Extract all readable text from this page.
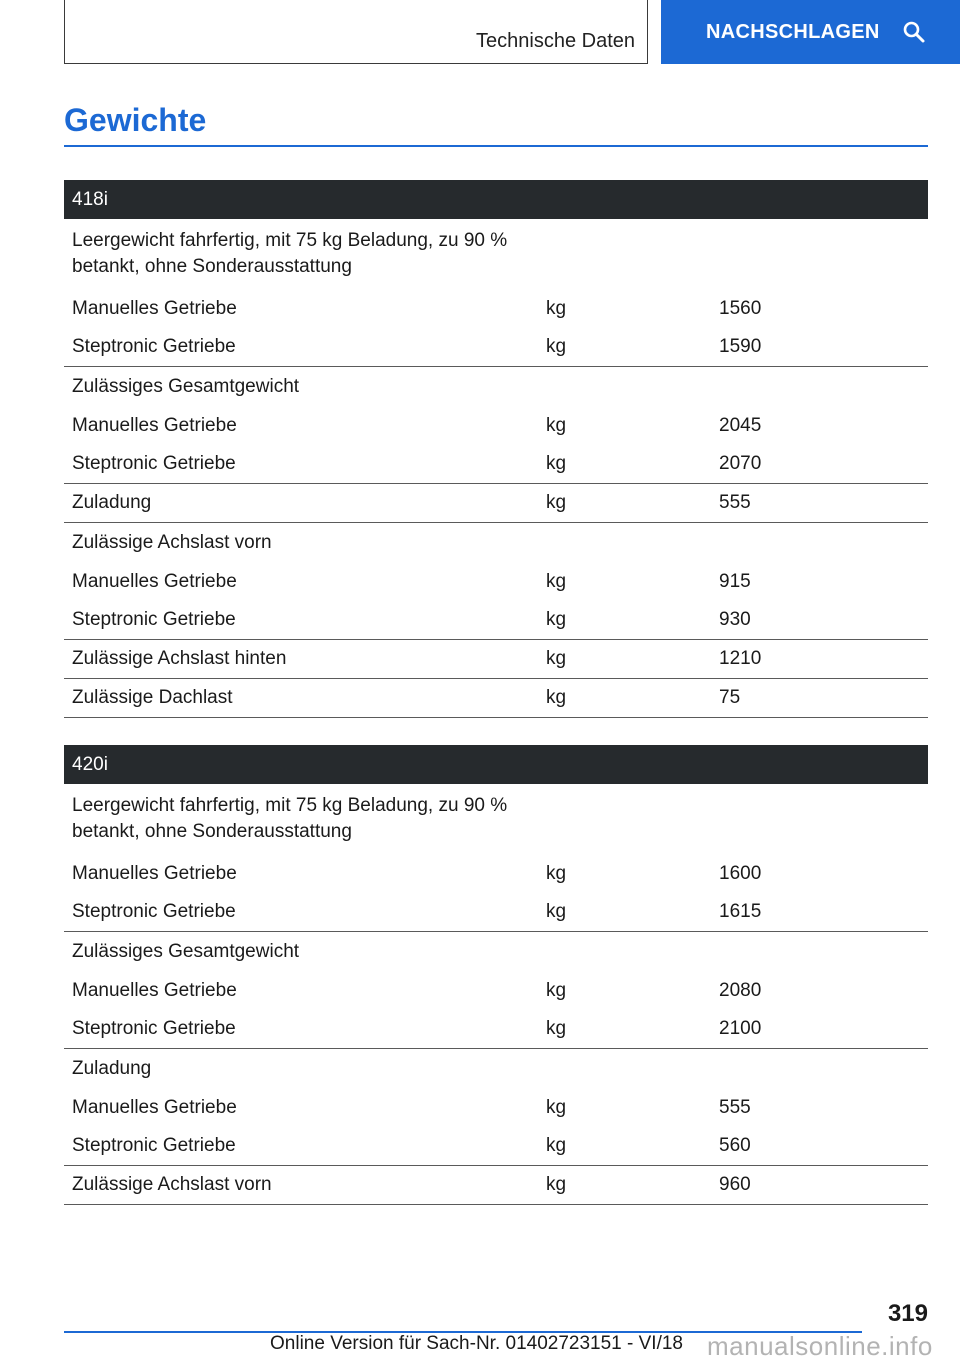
Technische Daten	NACHSCHLAGEN
Gewichte
418i
Leergewicht fahrfertig, mit 75 kg Beladung, zu 90 %
betankt, ohne Sonderausstattung
Manuelles Getriebe	kg	1560
Steptronic Getriebe	kg	1590
Zulässiges Gesamtgewicht
Manuelles Getriebe	kg	2045
Steptronic Getriebe	kg	2070
Zuladung	kg	555
Zulässige Achslast vorn
Manuelles Getriebe	kg	915
Steptronic Getriebe	kg	930
Zulässige Achslast hinten	kg	1210
Zulässige Dachlast	kg	75
420i
Leergewicht fahrfertig, mit 75 kg Beladung, zu 90 %
betankt, ohne Sonderausstattung
Manuelles Getriebe	kg	1600
Steptronic Getriebe	kg	1615
Zulässiges Gesamtgewicht
Manuelles Getriebe	kg	2080
Steptronic Getriebe	kg	2100
Zuladung
Manuelles Getriebe	kg	555
Steptronic Getriebe	kg	560
Zulässige Achslast vorn	kg	960
319
Online Version für Sach-Nr. 01402723151 - VI/18 manualsonline.info
